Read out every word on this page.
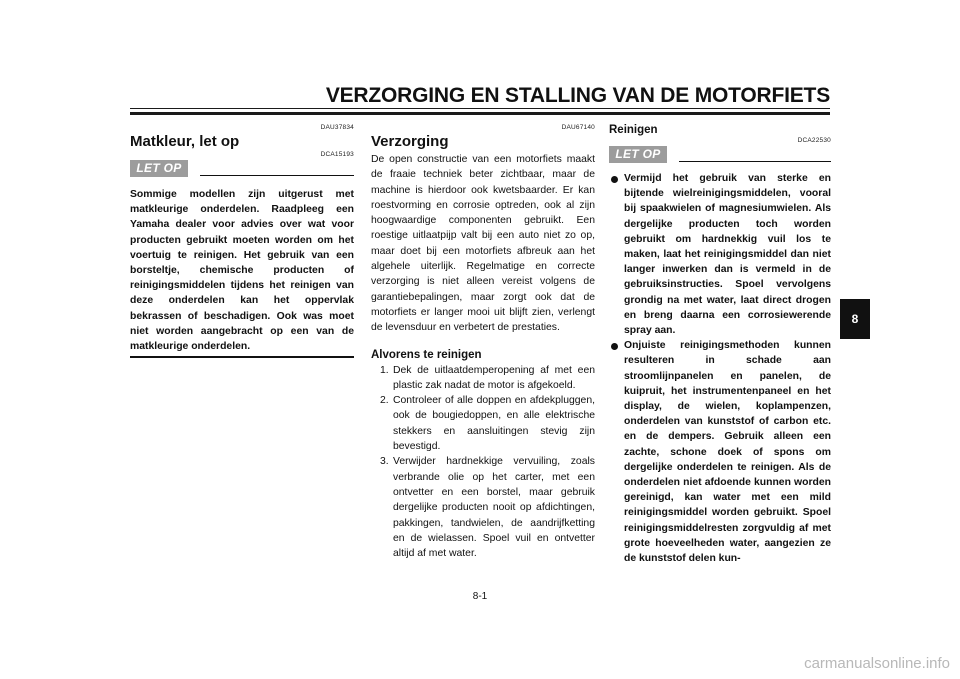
VERZORGING EN STALLING VAN DE MOTORFIETS
DAU37834
Matkleur, let op
DCA15193
LET OP

Sommige modellen zijn uitgerust met matkleurige onderdelen. Raadpleeg een Yamaha dealer voor advies over wat voor producten gebruikt moeten worden om het voertuig te reinigen. Het gebruik van een borsteltje, chemische producten of reinigingsmiddelen tijdens het reinigen van deze onderdelen kan het oppervlak bekrassen of beschadigen. Ook was moet niet worden aangebracht op een van de matkleurige onderdelen.

DAU67140
Verzorging

De open constructie van een motorfiets maakt de fraaie techniek beter zichtbaar, maar de machine is hierdoor ook kwetsbaarder. Er kan roestvorming en corrosie optreden, ook al zijn hoogwaardige componenten gebruikt. Een roestige uitlaatpijp valt bij een auto niet zo op, maar doet bij een motorfiets afbreuk aan het algehele uiterlijk. Regelmatige en correcte verzorging is niet alleen vereist volgens de garantiebepalingen, maar zorgt ook dat de motorfiets er langer mooi uit blijft zien, verlengt de levensduur en verbetert de prestaties.

Alvorens te reinigen
1. Dek de uitlaatdemperopening af met een plastic zak nadat de motor is afgekoeld.
2. Controleer of alle doppen en afdekpluggen, ook de bougiedoppen, en alle elektrische stekkers en aansluitingen stevig zijn bevestigd.
3. Verwijder hardnekkige vervuiling, zoals verbrande olie op het carter, met een ontvetter en een borstel, maar gebruik dergelijke producten nooit op afdichtingen, pakkingen, tandwielen, de aandrijfketting en de wielassen. Spoel vuil en ontvetter altijd af met water.
Reinigen
DCA22530
LET OP
Vermijd het gebruik van sterke en bijtende wielreinigingsmiddelen, vooral bij spaakwielen of magnesiumwielen. Als dergelijke producten toch worden gebruikt om hardnekkig vuil los te maken, laat het reinigingsmiddel dan niet langer inwerken dan is vermeld in de gebruiksinstructies. Spoel vervolgens grondig na met water, laat direct drogen en breng daarna een corrosiewerende spray aan.
Onjuiste reinigingsmethoden kunnen resulteren in schade aan stroomlijnpanelen en panelen, de kuipruit, het instrumentenpaneel en het display, de wielen, koplampenzen, onderdelen van kunststof of carbon etc. en de dempers. Gebruik alleen een zachte, schone doek of spons om dergelijke onderdelen te reinigen. Als de onderdelen niet afdoende kunnen worden gereinigd, kan water met een mild reinigingsmiddel worden gebruikt. Spoel reinigingsmiddelresten zorgvuldig af met grote hoeveelheden water, aangezien ze de kunststof delen kun-
8-1
8
carmanualsonline.info
